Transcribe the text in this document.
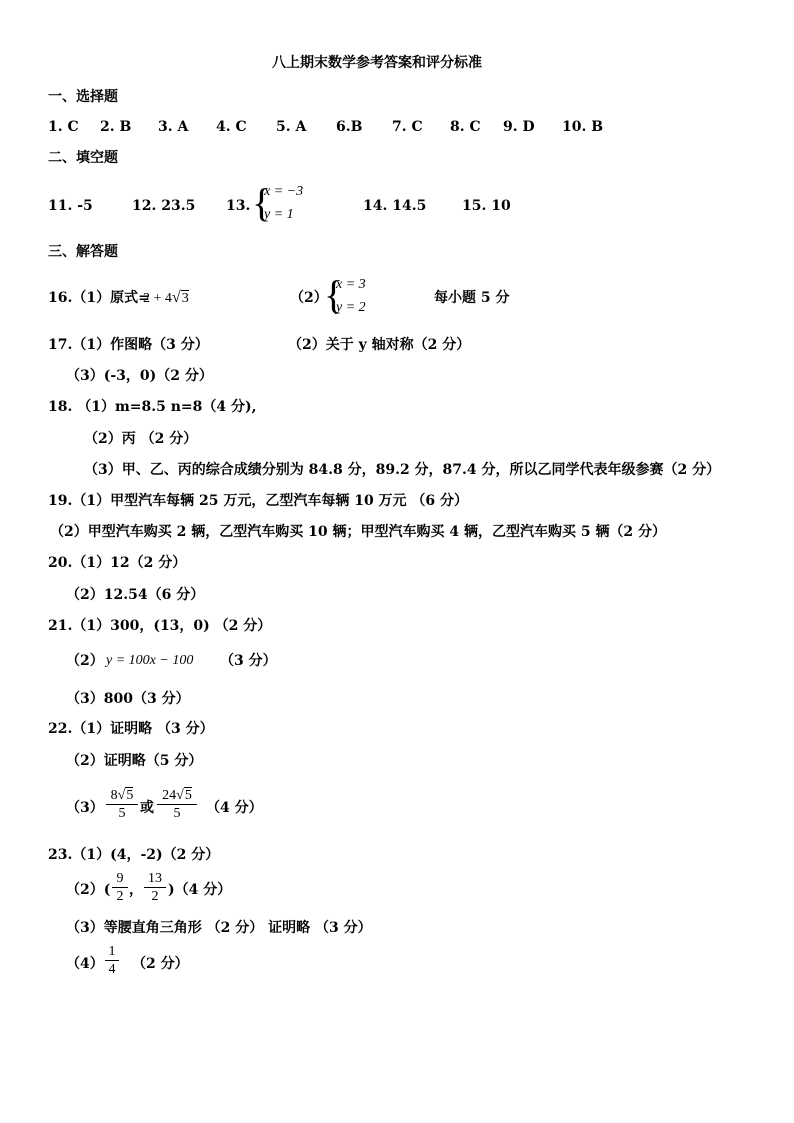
八上期末数学参考答案和评分标准
一、选择题
1. C 2. B 3. A 4. C 5. A 6.B 7. C 8. C 9. D 10. B
二、填空题
11. -5	12. 23.5 13. {
x = −3
y = 1
14. 14.5	15. 10
三、解答题
16.（1）原式=
2 + 4√3	（2）
{
x = 3
y = 2
每小题 5 分
17.（1）作图略（3 分）	（2）关于 y 轴对称（2 分）
（3）(-3，0)（2 分）
18. （1）m=8.5 n=8（4 分),
（2）丙 （2 分）
（3）甲、乙、丙的综合成绩分别为 84.8 分，89.2 分，87.4 分，所以乙同学代表年级参赛（2 分）
19.（1）甲型汽车每辆 25 万元，乙型汽车每辆 10 万元 （6 分）
（2）甲型汽车购买 2 辆，乙型汽车购买 10 辆；甲型汽车购买 4 辆，乙型汽车购买 5 辆（2 分）
20.（1）12（2 分）
（2）12.54（6 分）
21.（1）300，(13，0) （2 分）
（2） y = 100x − 100 （3 分）
（3）800（3 分）
22.（1）证明略 （3 分）
（2）证明略（5 分）
$(3) \frac{8√5}{5}$ 或 $\frac{24√5}{5} (4$ 分）
23.（1）(4，-2)（2 分）
$(2)( \frac{9}{2}$ ， $\frac{13}{2} )(4$ 分）
（3）等腰直角三角形 （2 分） 证明略 （3 分）
$(4) \frac{1}{4} (2$ 分）
